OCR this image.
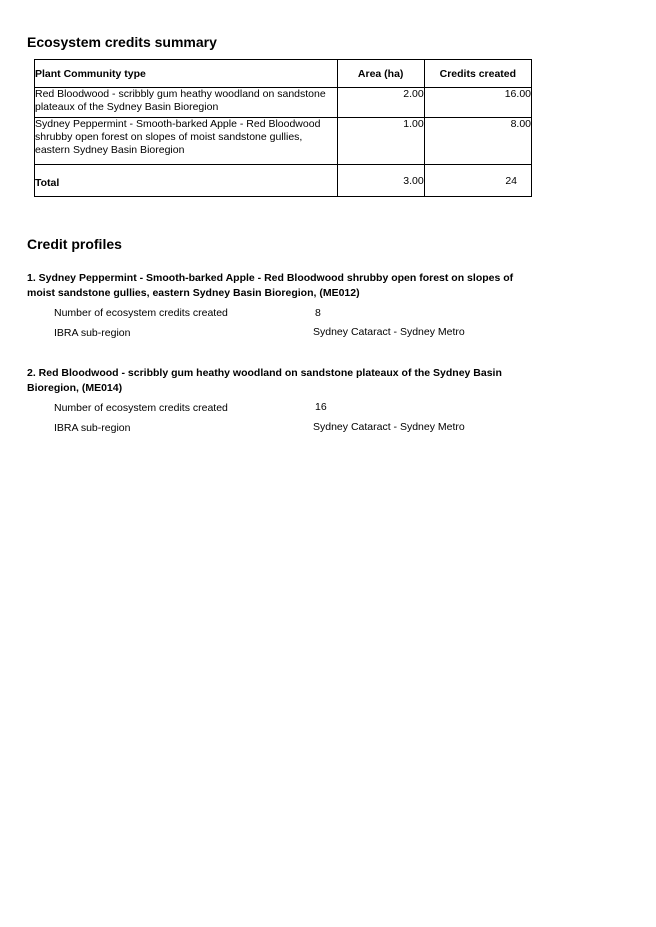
Ecosystem credits summary
Plant Community type	Area (ha)	Credits created
Red Bloodwood - scribbly gum heathy woodland on sandstone plateaux of the Sydney Basin Bioregion	2.00	16.00
Sydney Peppermint - Smooth-barked Apple - Red Bloodwood shrubby open forest on slopes of moist sandstone gullies, eastern Sydney Basin Bioregion	1.00	8.00
Total	3.00	24
Credit profiles

1. Sydney Peppermint - Smooth-barked Apple - Red Bloodwood shrubby open forest on slopes of moist sandstone gullies, eastern Sydney Basin Bioregion, (ME012)

Number of ecosystem credits created	8
IBRA sub-region	Sydney Cataract - Sydney Metro

2. Red Bloodwood - scribbly gum heathy woodland on sandstone plateaux of the Sydney Basin Bioregion, (ME014)

Number of ecosystem credits created	16
IBRA sub-region	Sydney Cataract - Sydney Metro
